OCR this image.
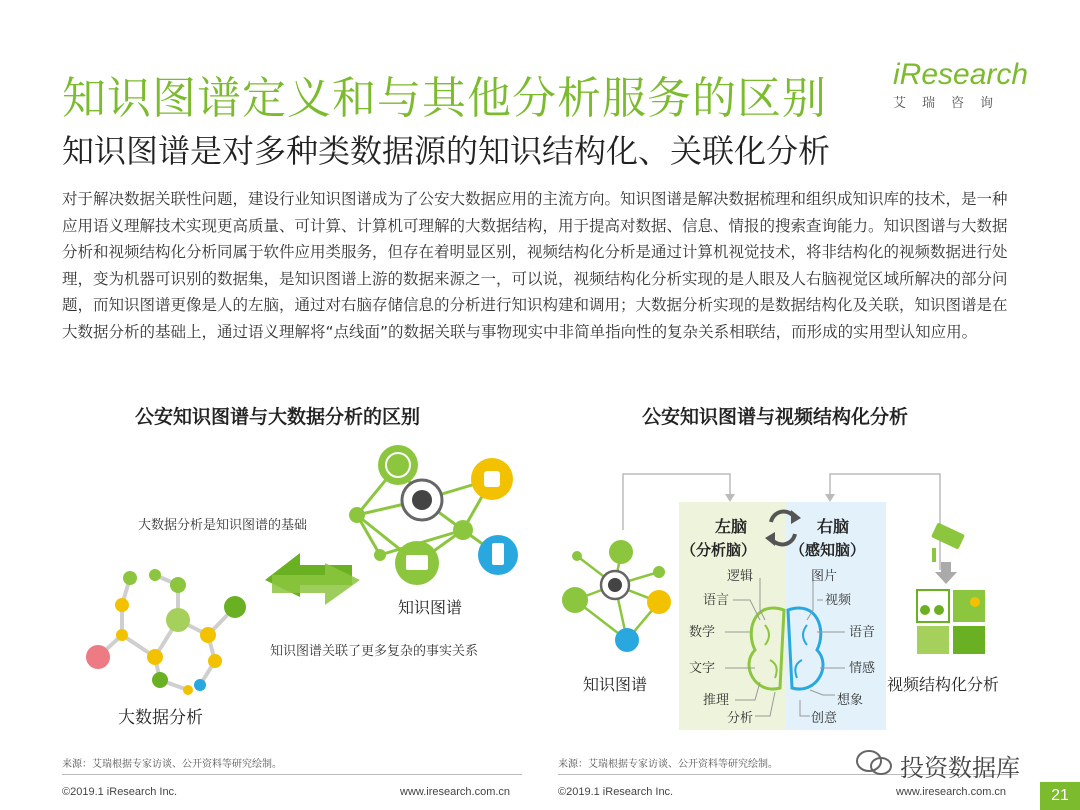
知识图谱定义和与其他分析服务的区别
知识图谱是对多种类数据源的知识结构化、关联化分析
iResearch
艾瑞咨询
对于解决数据关联性问题，建设行业知识图谱成为了公安大数据应用的主流方向。知识图谱是解决数据梳理和组织成知识库的技术，是一种应用语义理解技术实现更高质量、可计算、计算机可理解的大数据结构，用于提高对数据、信息、情报的搜索查询能力。知识图谱与大数据分析和视频结构化分析同属于软件应用类服务，但存在着明显区别，视频结构化分析是通过计算机视觉技术，将非结构化的视频数据进行处理，变为机器可识别的数据集，是知识图谱上游的数据来源之一，可以说，视频结构化分析实现的是人眼及人右脑视觉区域所解决的部分问题，而知识图谱更像是人的左脑，通过对右脑存储信息的分析进行知识构建和调用；大数据分析实现的是数据结构化及关联，知识图谱是在大数据分析的基础上，通过语义理解将“点线面”的数据关联与事物现实中非简单指向性的复杂关系相联结，而形成的实用型认知应用。
公安知识图谱与大数据分析的区别	公安知识图谱与视频结构化分析
知识图谱
大数据分析是知识图谱的基础
知识图谱关联了更多复杂的事实关系
大数据分析
左脑
（分析脑）
右脑
（感知脑）
逻辑
语言
数学
文字
推理
分析
图片
视频
语音
情感
想象
创意
知识图谱	视频结构化分析
来源：艾瑞根据专家访谈、公开资料等研究绘制。	来源：艾瑞根据专家访谈、公开资料等研究绘制。
©2019.1 iResearch Inc.	www.iresearch.com.cn	©2019.1 iResearch Inc.	www.iresearch.com.cn	21
投资数据库
